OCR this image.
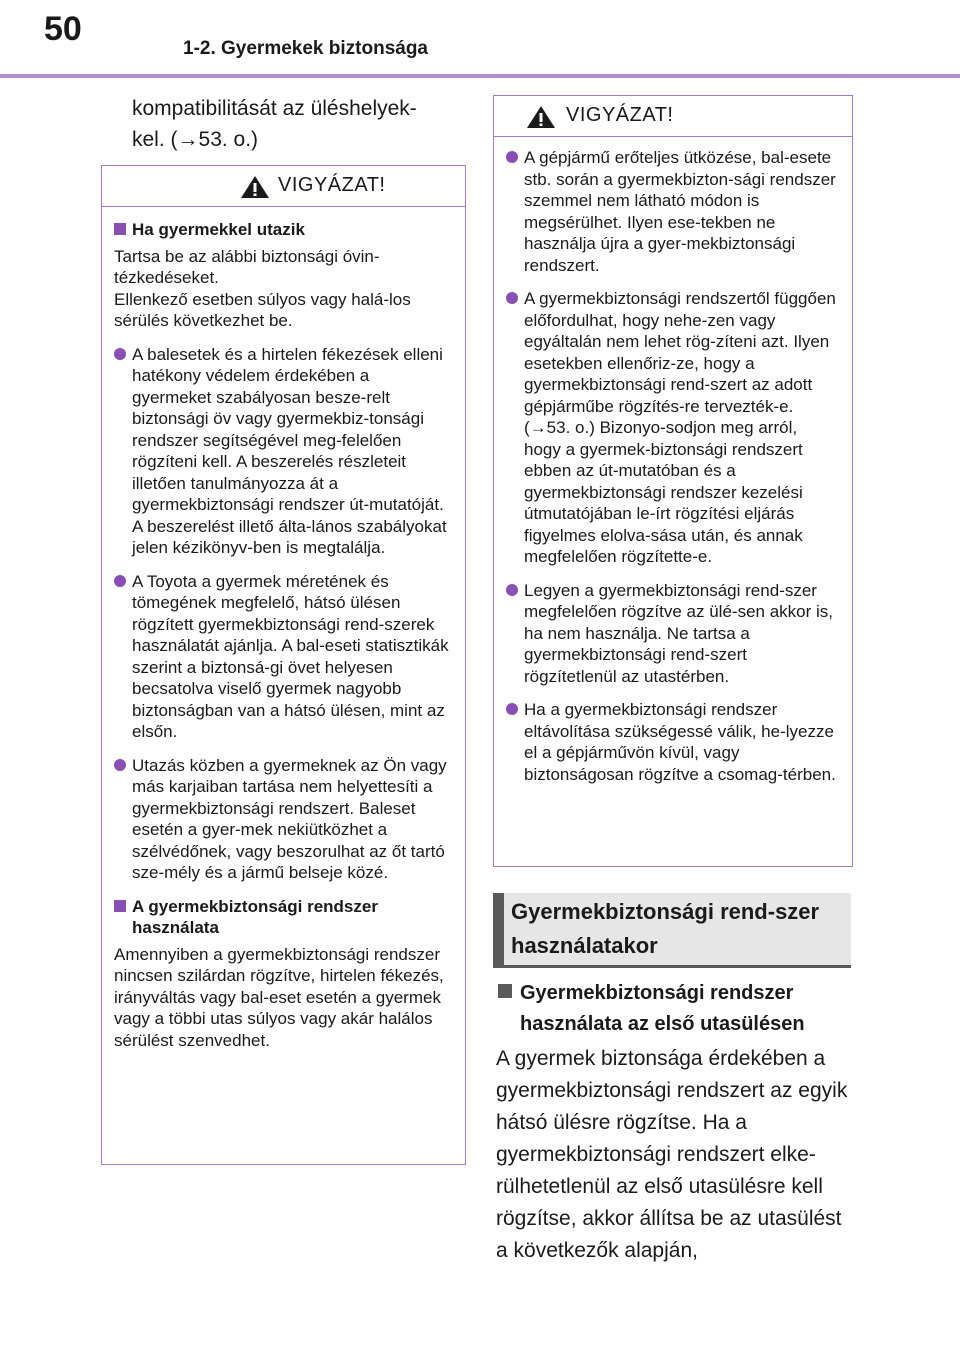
50
1-2. Gyermekek biztonsága
kompatibilitását az üléshelyek-
kel. (→53. o.)
VIGYÁZAT!
Ha gyermekkel utazik
Tartsa be az alábbi biztonsági óvin-tézkedéseket.
Ellenkező esetben súlyos vagy halá-los sérülés következhet be.
A balesetek és a hirtelen fékezések elleni hatékony védelem érdekében a gyermeket szabályosan besze-relt biztonsági öv vagy gyermekbiz-tonsági rendszer segítségével meg-felelően rögzíteni kell. A beszerelés részleteit illetően tanulmányozza át a gyermekbiztonsági rendszer út-mutatóját. A beszerelést illető álta-lános szabályokat jelen kézikönyv-ben is megtalálja.
A Toyota a gyermek méretének és tömegének megfelelő, hátsó ülésen rögzített gyermekbiztonsági rend-szerek használatát ajánlja. A bal-eseti statisztikák szerint a biztonsá-gi övet helyesen becsatolva viselő gyermek nagyobb biztonságban van a hátsó ülésen, mint az elsőn.
Utazás közben a gyermeknek az Ön vagy más karjaiban tartása nem helyettesíti a gyermekbiztonsági rendszert. Baleset esetén a gyer-mek nekiütközhet a szélvédőnek, vagy beszorulhat az őt tartó sze-mély és a jármű belseje közé.
A gyermekbiztonsági rendszer használata
Amennyiben a gyermekbiztonsági rendszer nincsen szilárdan rögzítve, hirtelen fékezés, irányváltás vagy bal-eset esetén a gyermek vagy a többi utas súlyos vagy akár halálos sérülést szenvedhet.
VIGYÁZAT!
A gépjármű erőteljes ütközése, bal-esete stb. során a gyermekbizton-sági rendszer szemmel nem látható módon is megsérülhet. Ilyen ese-tekben ne használja újra a gyer-mekbiztonsági rendszert.
A gyermekbiztonsági rendszertől függően előfordulhat, hogy nehe-zen vagy egyáltalán nem lehet rög-zíteni azt. Ilyen esetekben ellenőriz-ze, hogy a gyermekbiztonsági rend-szert az adott gépjárműbe rögzítés-re tervezték-e. (→53. o.) Bizonyo-sodjon meg arról, hogy a gyermek-biztonsági rendszert ebben az út-mutatóban és a gyermekbiztonsági rendszer kezelési útmutatójában le-írt rögzítési eljárás figyelmes elolva-sása után, és annak megfelelően rögzítette-e.
Legyen a gyermekbiztonsági rend-szer megfelelően rögzítve az ülé-sen akkor is, ha nem használja. Ne tartsa a gyermekbiztonsági rend-szert rögzítetlenül az utastérben.
Ha a gyermekbiztonsági rendszer eltávolítása szükségessé válik, he-lyezze el a gépjárművön kívül, vagy biztonságosan rögzítve a csomag-térben.
Gyermekbiztonsági rend-szer használatakor
Gyermekbiztonsági rendszer használata az első utasülésen
A gyermek biztonsága érdekében a gyermekbiztonsági rendszert az egyik hátsó ülésre rögzítse. Ha a gyermekbiztonsági rendszert elke-rülhetetlenül az első utasülésre kell rögzítse, akkor állítsa be az utasülést a következők alapján,
